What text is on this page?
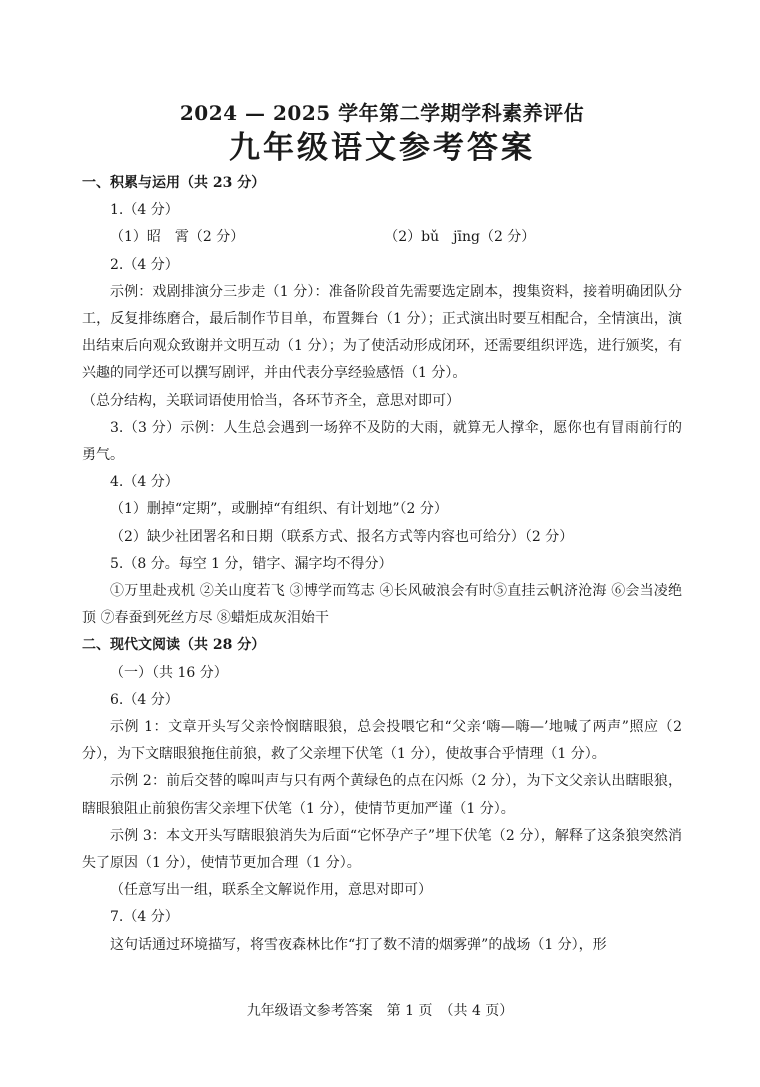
2024 — 2025 学年第二学期学科素养评估
九年级语文参考答案
一、积累与运用（共 23 分）
1.（4 分）
（1）昭　霄（2 分）	（2）bǔ　jīng（2 分）
2.（4 分）
示例：戏剧排演分三步走（1 分）：准备阶段首先需要选定剧本，搜集资料，接着明确团队分工，反复排练磨合，最后制作节目单，布置舞台（1 分）；正式演出时要互相配合，全情演出，演出结束后向观众致谢并文明互动（1 分）；为了使活动形成闭环，还需要组织评选，进行颁奖，有兴趣的同学还可以撰写剧评，并由代表分享经验感悟（1 分）。
（总分结构，关联词语使用恰当，各环节齐全，意思对即可）
3.（3 分）示例：人生总会遇到一场猝不及防的大雨，就算无人撑伞，愿你也有冒雨前行的勇气。
4.（4 分）
（1）删掉“定期”，或删掉“有组织、有计划地”（2 分）
（2）缺少社团署名和日期（联系方式、报名方式等内容也可给分）（2 分）
5.（8 分。每空 1 分，错字、漏字均不得分）
①万里赴戎机 ②关山度若飞 ③博学而笃志 ④长风破浪会有时⑤直挂云帆济沧海 ⑥会当凌绝顶 ⑦春蚕到死丝方尽 ⑧蜡炬成灰泪始干
二、现代文阅读（共 28 分）
（一）（共 16 分）
6.（4 分）
示例 1：文章开头写父亲怜悯瞎眼狼，总会投喂它和“父亲‘嗨—嗨—’地喊了两声”照应（2 分），为下文瞎眼狼拖住前狼，救了父亲埋下伏笔（1 分），使故事合乎情理（1 分）。
示例 2：前后交替的嗥叫声与只有两个黄绿色的点在闪烁（2 分），为下文父亲认出瞎眼狼，瞎眼狼阻止前狼伤害父亲埋下伏笔（1 分），使情节更加严谨（1 分）。
示例 3：本文开头写瞎眼狼消失为后面“它怀孕产子”埋下伏笔（2 分），解释了这条狼突然消失了原因（1 分），使情节更加合理（1 分）。
（任意写出一组，联系全文解说作用，意思对即可）
7.（4 分）
这句话通过环境描写，将雪夜森林比作“打了数不清的烟雾弹”的战场（1 分），形
九年级语文参考答案　第 1 页　（共 4 页）
